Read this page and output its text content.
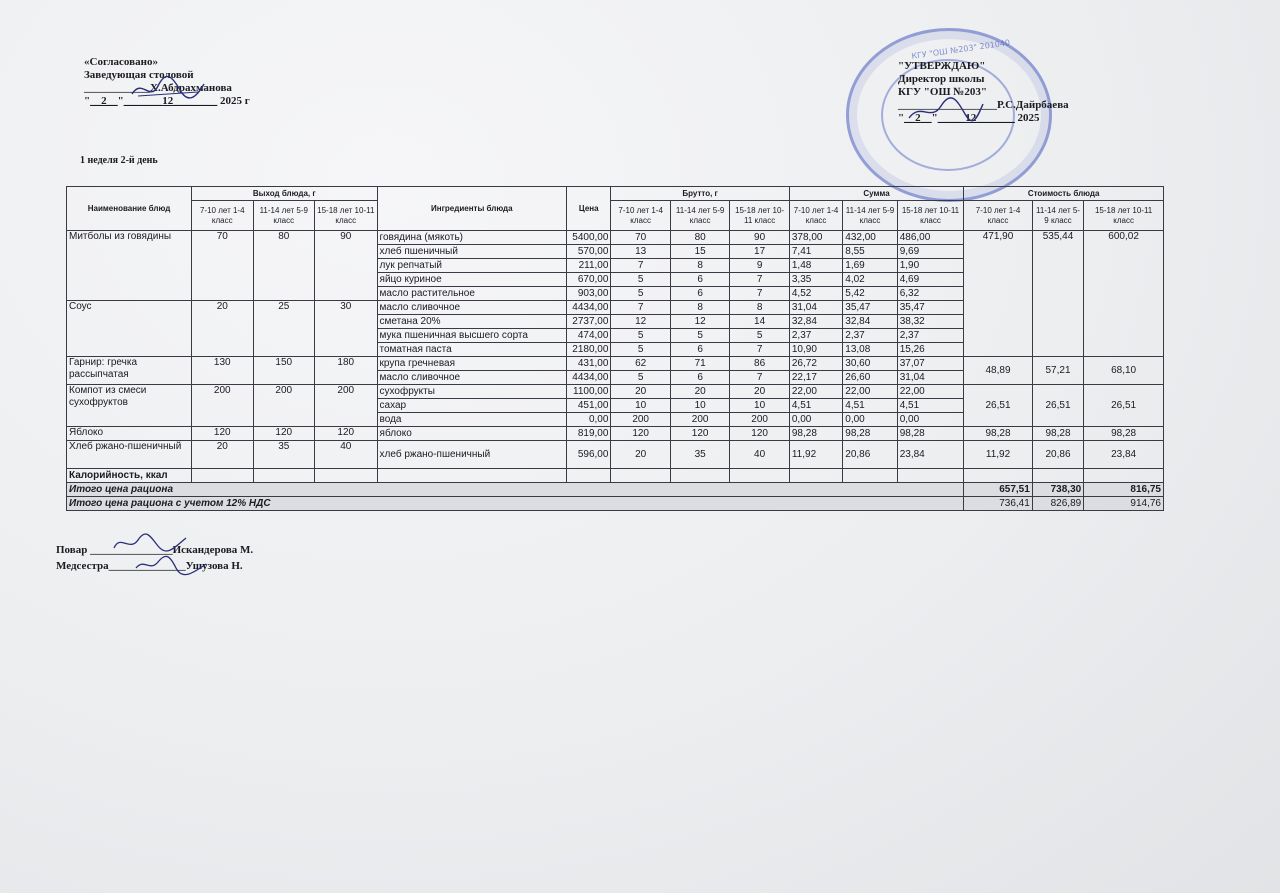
КГУ "ОШ №203" 201040
«Согласовано»
Заведующая столовой
____________Х.Абдрахманова
"__2__"_______12________ 2025 г
"УТВЕРЖДАЮ"
Директор школы
КГУ "ОШ №203"
__________________Р.С.Дайрбаева
"__2__"_____12_______ 2025
1 неделя 2-й день
Наименование блюд	Выход блюда, г			Ингредиенты блюда	Цена	Брутто, г			Сумма			Стоимость блюда		
	7-10 лет 1-4 класс	11-14 лет 5-9 класс	15-18 лет 10-11 класс			7-10 лет 1-4 класс	11-14 лет 5-9 класс	15-18 лет 10-11 класс	7-10 лет 1-4 класс	11-14 лет 5-9 класс	15-18 лет 10-11 класс	7-10 лет 1-4 класс	11-14 лет 5-9 класс	15-18 лет 10-11 класс
Митболы из говядины	70	80	90	говядина (мякоть)	5400,00	70	80	90	378,00	432,00	486,00	471,90	535,44	600,02
				хлеб пшеничный	570,00	13	15	17	7,41	8,55	9,69			
				лук репчатый	211,00	7	8	9	1,48	1,69	1,90			
				яйцо куриное	670,00	5	6	7	3,35	4,02	4,69			
				масло растительное	903,00	5	6	7	4,52	5,42	6,32			
Соус	20	25	30	масло сливочное	4434,00	7	8	8	31,04	35,47	35,47			
				сметана 20%	2737,00	12	12	14	32,84	32,84	38,32			
				мука пшеничная высшего сорта	474,00	5	5	5	2,37	2,37	2,37			
				томатная паста	2180,00	5	6	7	10,90	13,08	15,26			
Гарнир: гречка рассыпчатая	130	150	180	крупа гречневая	431,00	62	71	86	26,72	30,60	37,07	48,89	57,21	68,10
				масло сливочное	4434,00	5	6	7	22,17	26,60	31,04			
Компот из смеси сухофруктов	200	200	200	сухофрукты	1100,00	20	20	20	22,00	22,00	22,00	26,51	26,51	26,51
				сахар	451,00	10	10	10	4,51	4,51	4,51			
				вода	0,00	200	200	200	0,00	0,00	0,00			
Яблоко	120	120	120	яблоко	819,00	120	120	120	98,28	98,28	98,28	98,28	98,28	98,28
Хлеб ржано-пшеничный	20	35	40	хлеб ржано-пшеничный	596,00	20	35	40	11,92	20,86	23,84	11,92	20,86	23,84
Калорийность, ккал														
Итого цена рациона												657,51	738,30	816,75
Итого цена рациона с учетом 12% НДС												736,41	826,89	914,76
Повар _______________Искандерова М.
Медсестра______________Ушузова Н.
